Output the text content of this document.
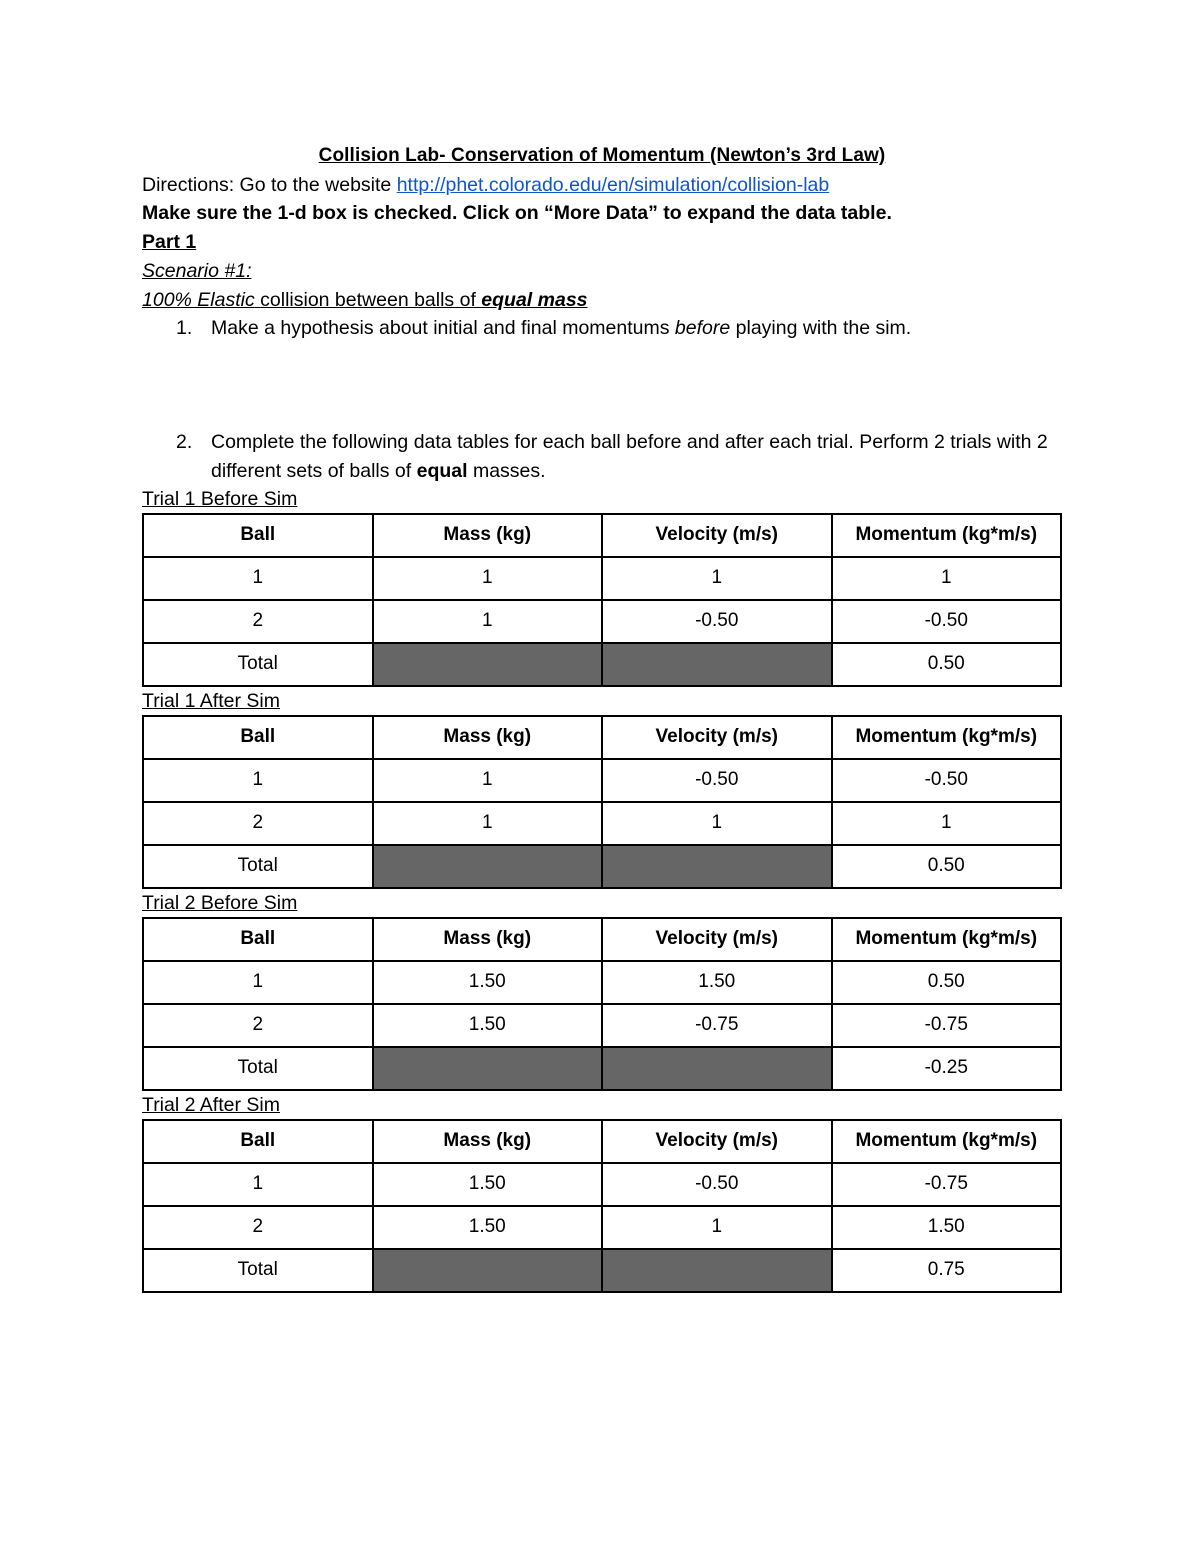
Collision Lab- Conservation of Momentum (Newton’s 3rd Law)
Directions: Go to the website http://phet.colorado.edu/en/simulation/collision-lab
Make sure the 1-d box is checked. Click on “More Data” to expand the data table.
Part 1
Scenario #1:
100% Elastic collision between balls of equal mass
1. Make a hypothesis about initial and final momentums before playing with the sim.
2. Complete the following data tables for each ball before and after each trial. Perform 2 trials with 2 different sets of balls of equal masses.
Trial 1 Before Sim
Ball	Mass (kg)	Velocity (m/s)	Momentum (kg*m/s)
1	1	1	1
2	1	-0.50	-0.50
Total			0.50
Trial 1 After Sim
Ball	Mass (kg)	Velocity (m/s)	Momentum (kg*m/s)
1	1	-0.50	-0.50
2	1	1	1
Total			0.50
Trial 2 Before Sim
Ball	Mass (kg)	Velocity (m/s)	Momentum (kg*m/s)
1	1.50	1.50	0.50
2	1.50	-0.75	-0.75
Total			-0.25
Trial 2 After Sim
Ball	Mass (kg)	Velocity (m/s)	Momentum (kg*m/s)
1	1.50	-0.50	-0.75
2	1.50	1	1.50
Total			0.75
